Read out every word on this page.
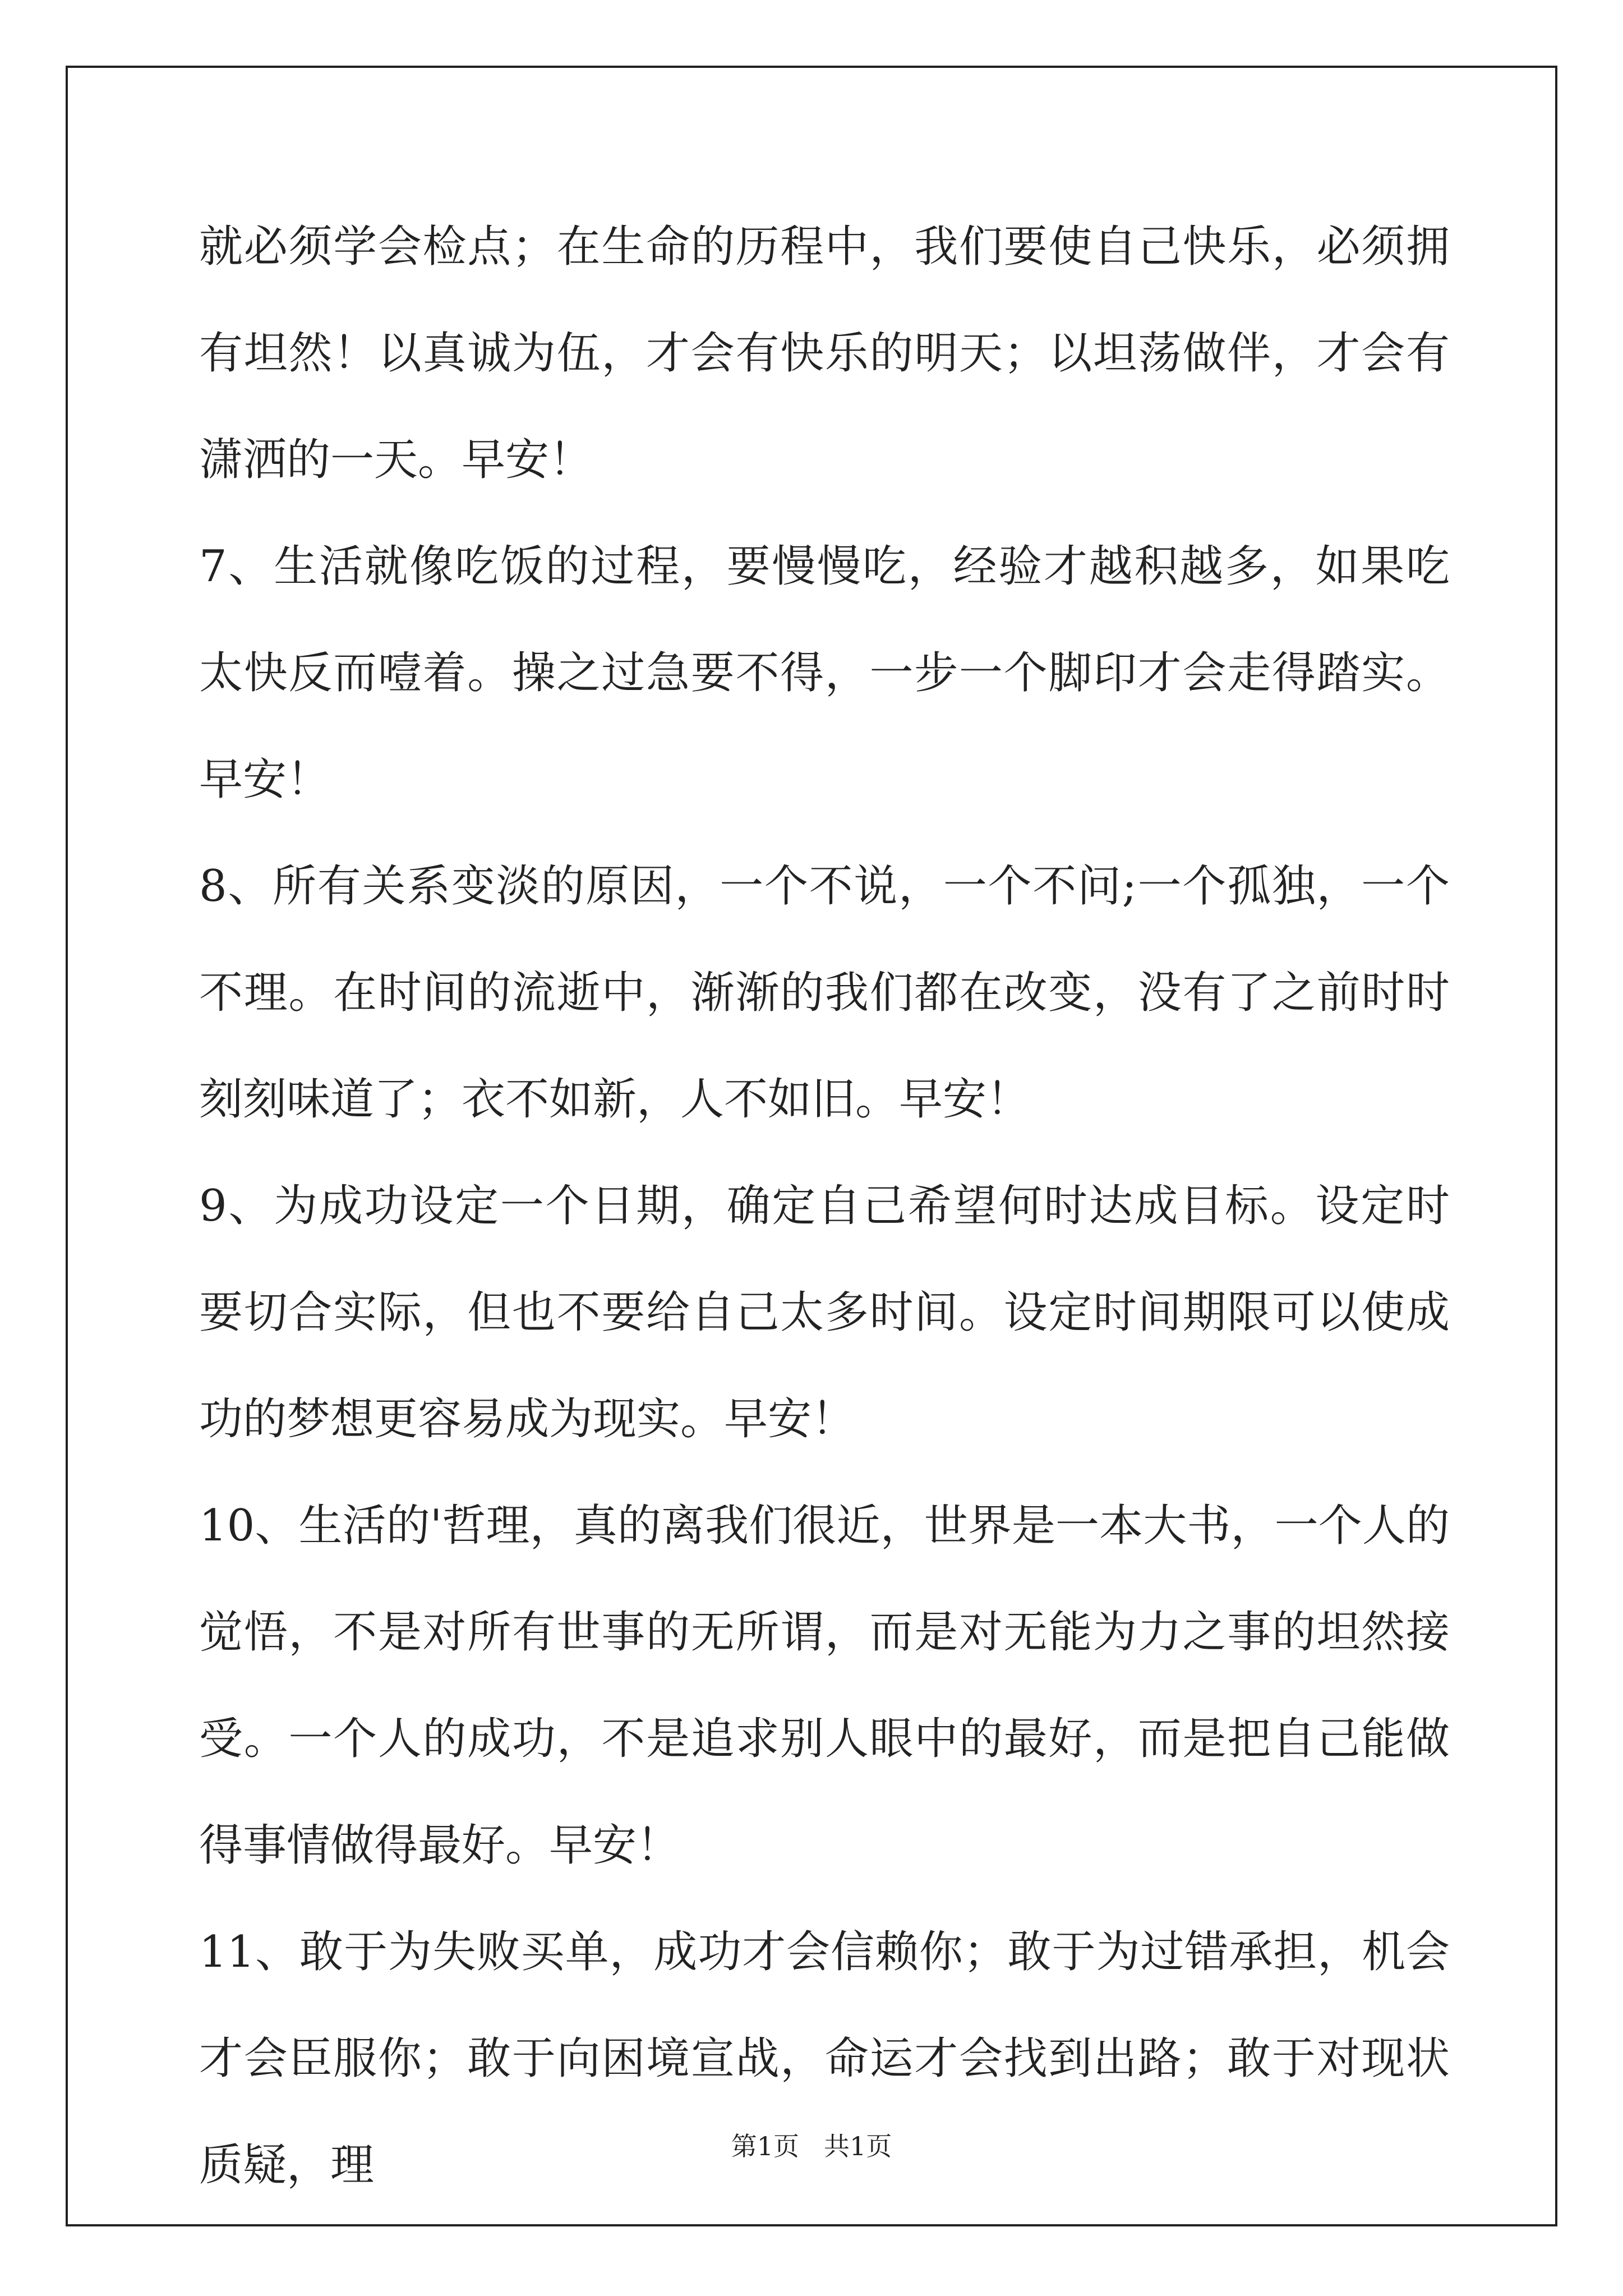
就必须学会检点；在生命的历程中，我们要使自己快乐，必须拥有坦然！以真诚为伍，才会有快乐的明天；以坦荡做伴，才会有潇洒的一天。早安！

7、生活就像吃饭的过程，要慢慢吃，经验才越积越多，如果吃太快反而噎着。操之过急要不得，一步一个脚印才会走得踏实。早安！

8、所有关系变淡的原因，一个不说，一个不问;一个孤独，一个不理。在时间的流逝中，渐渐的我们都在改变，没有了之前时时刻刻味道了；衣不如新，人不如旧。早安！

9、为成功设定一个日期，确定自己希望何时达成目标。设定时要切合实际，但也不要给自己太多时间。设定时间期限可以使成功的梦想更容易成为现实。早安！

10、生活的'哲理，真的离我们很近，世界是一本大书，一个人的觉悟，不是对所有世事的无所谓，而是对无能为力之事的坦然接受。一个人的成功，不是追求别人眼中的最好，而是把自己能做得事情做得最好。早安！

11、敢于为失败买单，成功才会信赖你；敢于为过错承担，机会才会臣服你；敢于向困境宣战，命运才会找到出路；敢于对现状质疑，理	第1页 共1页
